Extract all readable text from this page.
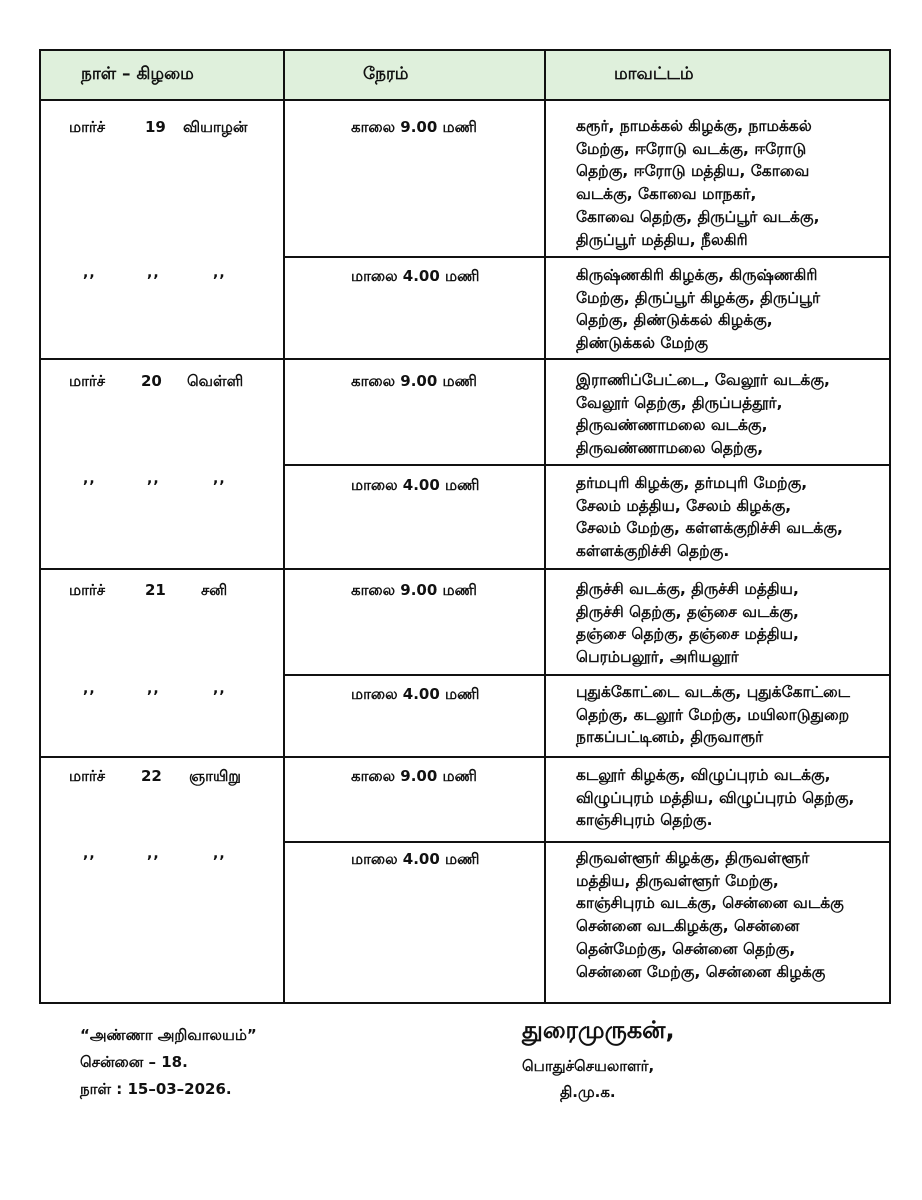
நாள் – கிழமை	நேரம்	மாவட்டம்
மார்ச்	19 வியாழன்	காலை 9.00 மணி	கரூர், நாமக்கல் கிழக்கு, நாமக்கல்
மேற்கு, ஈரோடு வடக்கு, ஈரோடு
தெற்கு, ஈரோடு மத்திய, கோவை
வடக்கு, கோவை மாநகர்,
கோவை தெற்கு, திருப்பூர் வடக்கு,
திருப்பூர் மத்திய, நீலகிரி
,,	,,	,,	மாலை 4.00 மணி	கிருஷ்ணகிரி கிழக்கு, கிருஷ்ணகிரி
மேற்கு, திருப்பூர் கிழக்கு, திருப்பூர்
தெற்கு, திண்டுக்கல் கிழக்கு,
திண்டுக்கல் மேற்கு
மார்ச் 20 வெள்ளி	காலை 9.00 மணி	இராணிப்பேட்டை, வேலூர் வடக்கு,
வேலூர் தெற்கு, திருப்பத்தூர்,
திருவண்ணாமலை வடக்கு,
திருவண்ணாமலை தெற்கு,
,,	,,	,,	மாலை 4.00 மணி	தர்மபுரி கிழக்கு, தர்மபுரி மேற்கு,
சேலம் மத்திய, சேலம் கிழக்கு,
சேலம் மேற்கு, கள்ளக்குறிச்சி வடக்கு,
கள்ளக்குறிச்சி தெற்கு.
மார்ச்	21 சனி	காலை 9.00 மணி	திருச்சி வடக்கு, திருச்சி மத்திய,
திருச்சி தெற்கு, தஞ்சை வடக்கு,
தஞ்சை தெற்கு, தஞ்சை மத்திய,
பெரம்பலூர், அரியலூர்
,,	,,	,,	மாலை 4.00 மணி	புதுக்கோட்டை வடக்கு, புதுக்கோட்டை
தெற்கு, கடலூர் மேற்கு, மயிலாடுதுறை
நாகப்பட்டினம், திருவாரூர்
மார்ச் 22 ஞாயிறு	காலை 9.00 மணி	கடலூர் கிழக்கு, விழுப்புரம் வடக்கு,
விழுப்புரம் மத்திய, விழுப்புரம் தெற்கு,
காஞ்சிபுரம் தெற்கு.
,,	,,	,,	மாலை 4.00 மணி	திருவள்ளூர் கிழக்கு, திருவள்ளூர்
மத்திய, திருவள்ளூர் மேற்கு,
காஞ்சிபுரம் வடக்கு, சென்னை வடக்கு
சென்னை வடகிழக்கு, சென்னை
தென்மேற்கு, சென்னை தெற்கு,
சென்னை மேற்கு, சென்னை கிழக்கு
“அண்ணா அறிவாலயம்”
சென்னை – 18.
நாள் : 15–03–2026.
துரைமுருகன்,
பொதுச்செயலாளர்,
தி.மு.க.
